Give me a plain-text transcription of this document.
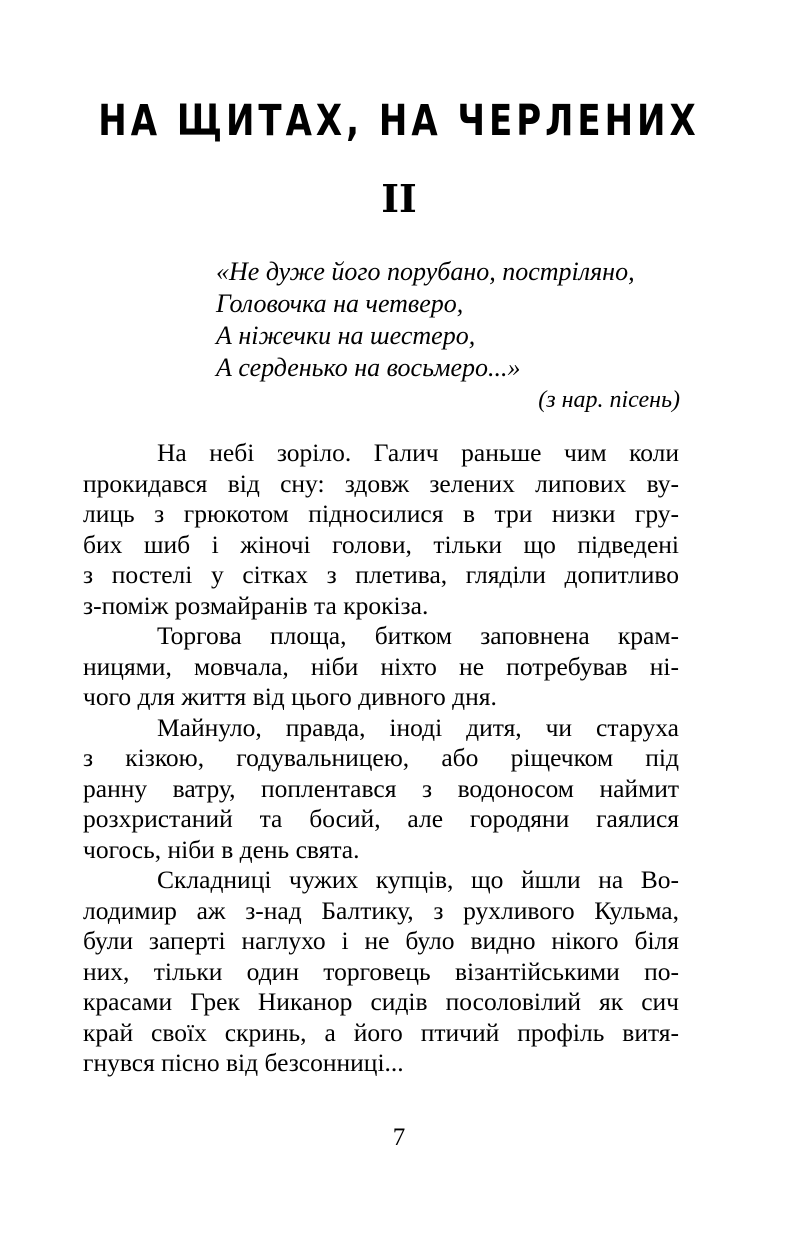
НА ЩИТАХ, НА ЧЕРЛЕНИХ
II
«Не дуже його порубано, постріляно,
Головочка на четверо,
А ніжечки на шестеро,
А серденько на восьмеро...»
(з нар. пісень)

На небі зоріло. Галич раньше чим коли
прокидався від сну: здовж зелених липових ву-
лиць з грюкотом підносилися в три низки гру-
бих шиб і жіночі голови, тільки що підведені
з постелі у сітках з плетива, гляділи допитливо
з-поміж розмайранів та крокіза.

Торгова площа, битком заповнена крам-
ницями, мовчала, ніби ніхто не потребував ні-
чого для життя від цього дивного дня.

Майнуло, правда, іноді дитя, чи старуха
з кізкою, годувальницею, або ріщечком під
ранну ватру, поплентався з водоносом наймит
розхристаний та босий, але городяни гаялися
чогось, ніби в день свята.

Складниці чужих купців, що йшли на Во-
лодимир аж з-над Балтику, з рухливого Кульма,
були заперті наглухо і не було видно нікого біля
них, тільки один торговець візантійськими по-
красами Грек Никанор сидів посоловілий як сич
край своїх скринь, а його птичий профіль витя-
гнувся пісно від безсонниці...

7
